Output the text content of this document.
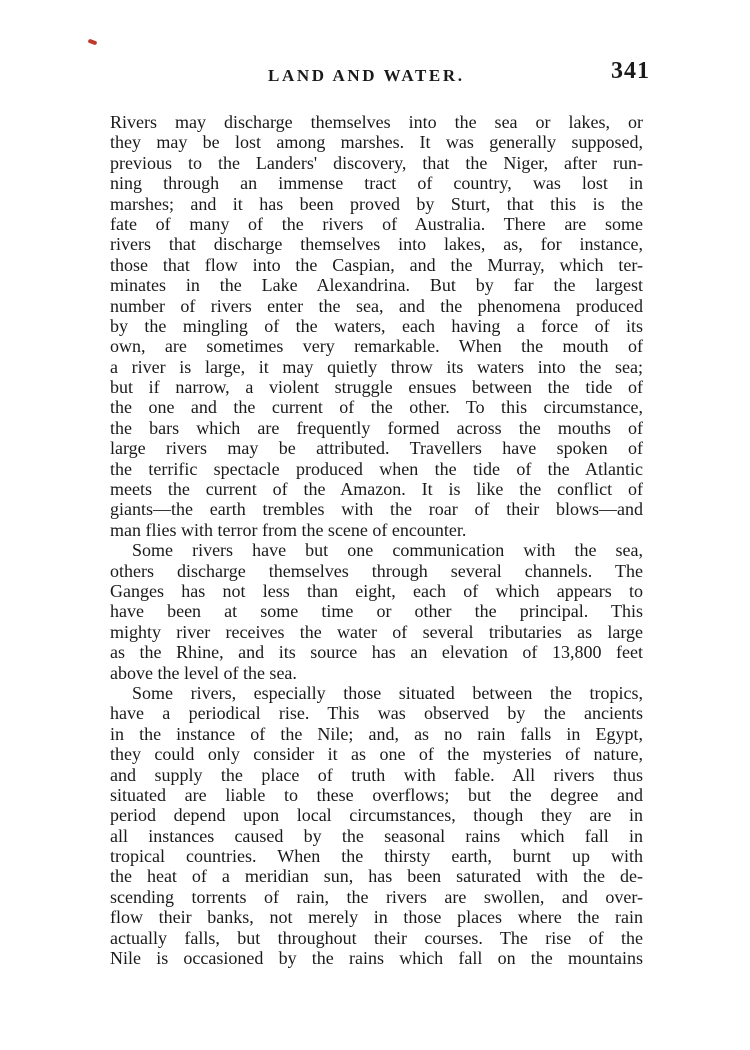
LAND AND WATER.	341
Rivers may discharge themselves into the sea or lakes, or
they may be lost among marshes. It was generally supposed,
previous to the Landers' discovery, that the Niger, after run-
ning through an immense tract of country, was lost in
marshes; and it has been proved by Sturt, that this is the
fate of many of the rivers of Australia. There are some
rivers that discharge themselves into lakes, as, for instance,
those that flow into the Caspian, and the Murray, which ter-
minates in the Lake Alexandrina. But by far the largest
number of rivers enter the sea, and the phenomena produced
by the mingling of the waters, each having a force of its
own, are sometimes very remarkable. When the mouth of
a river is large, it may quietly throw its waters into the sea;
but if narrow, a violent struggle ensues between the tide of
the one and the current of the other. To this circumstance,
the bars which are frequently formed across the mouths of
large rivers may be attributed. Travellers have spoken of
the terrific spectacle produced when the tide of the Atlantic
meets the current of the Amazon. It is like the conflict of
giants—the earth trembles with the roar of their blows—and
man flies with terror from the scene of encounter.
Some rivers have but one communication with the sea,
others discharge themselves through several channels. The
Ganges has not less than eight, each of which appears to
have been at some time or other the principal. This
mighty river receives the water of several tributaries as large
as the Rhine, and its source has an elevation of 13,800 feet
above the level of the sea.
Some rivers, especially those situated between the tropics,
have a periodical rise. This was observed by the ancients
in the instance of the Nile; and, as no rain falls in Egypt,
they could only consider it as one of the mysteries of nature,
and supply the place of truth with fable. All rivers thus
situated are liable to these overflows; but the degree and
period depend upon local circumstances, though they are in
all instances caused by the seasonal rains which fall in
tropical countries. When the thirsty earth, burnt up with
the heat of a meridian sun, has been saturated with the de-
scending torrents of rain, the rivers are swollen, and over-
flow their banks, not merely in those places where the rain
actually falls, but throughout their courses. The rise of the
Nile is occasioned by the rains which fall on the mountains
